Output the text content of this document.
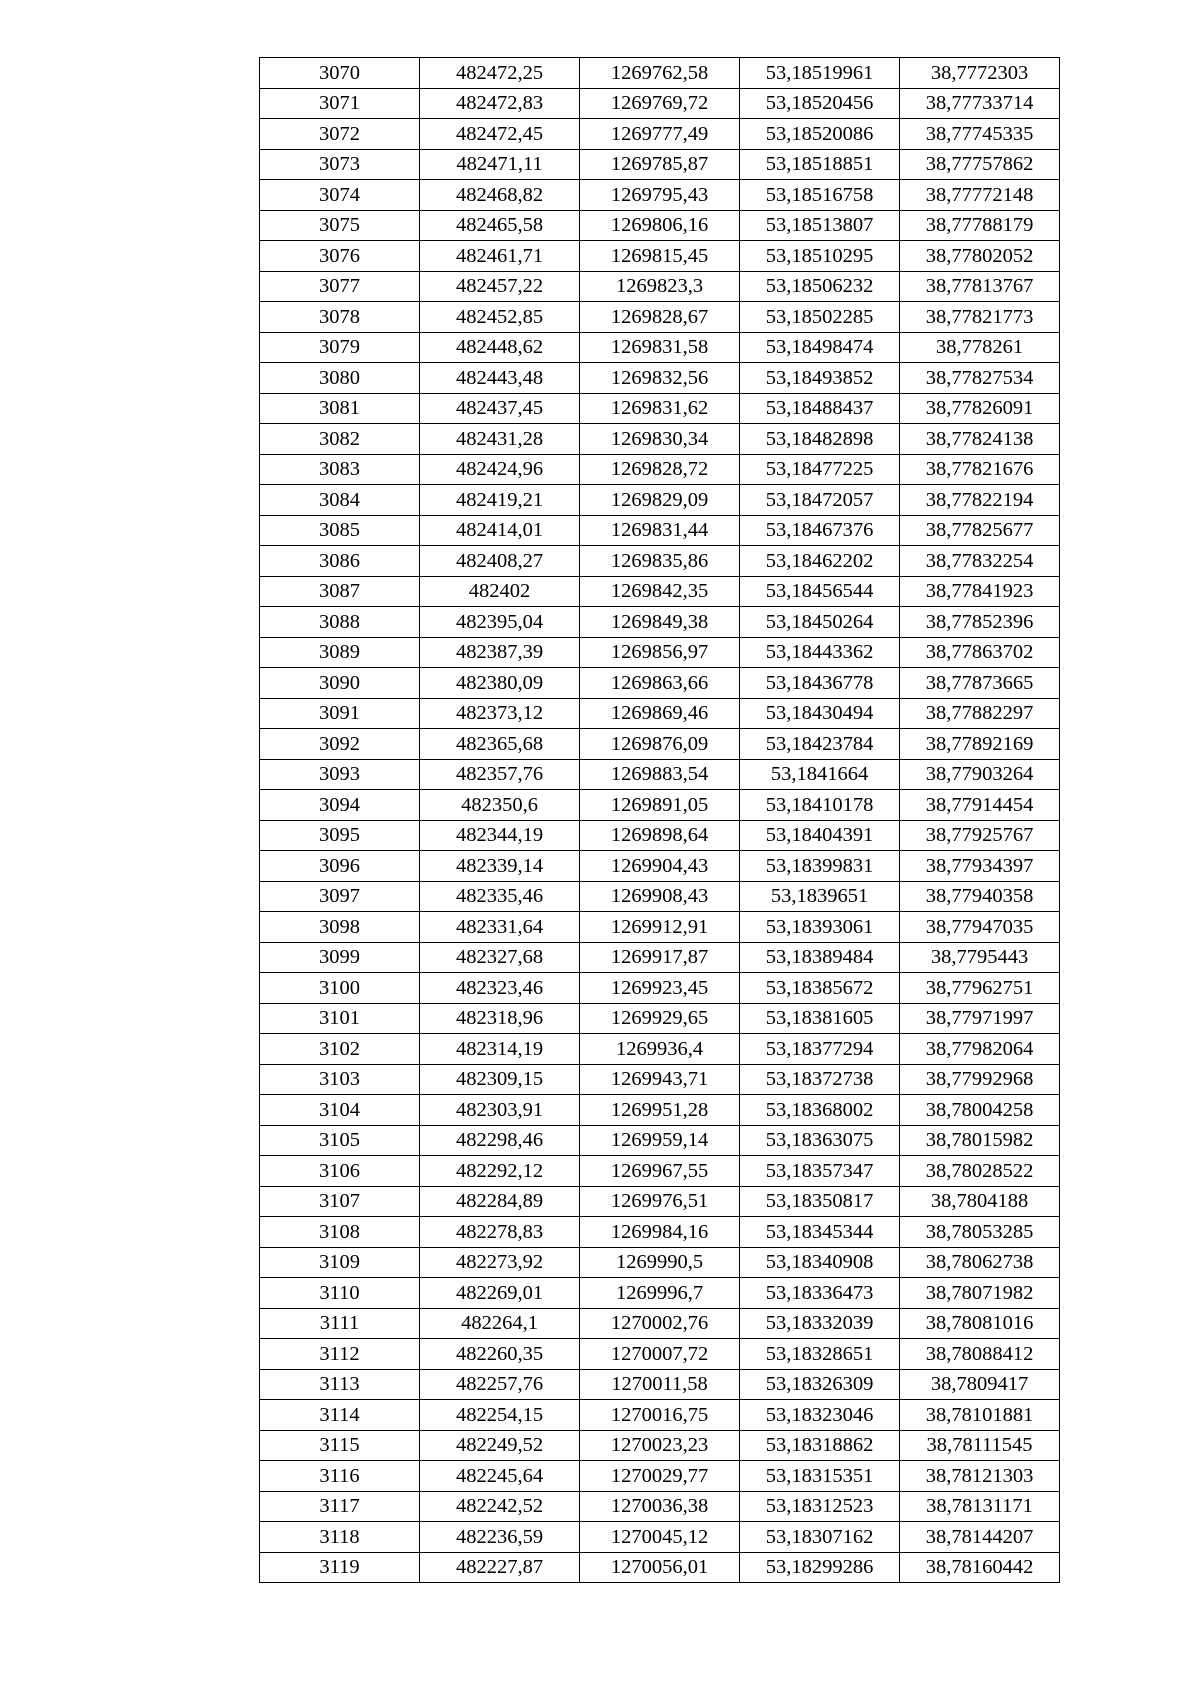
3070	482472,25	1269762,58	53,18519961	38,7772303
3071	482472,83	1269769,72	53,18520456	38,77733714
3072	482472,45	1269777,49	53,18520086	38,77745335
3073	482471,11	1269785,87	53,18518851	38,77757862
3074	482468,82	1269795,43	53,18516758	38,77772148
3075	482465,58	1269806,16	53,18513807	38,77788179
3076	482461,71	1269815,45	53,18510295	38,77802052
3077	482457,22	1269823,3	53,18506232	38,77813767
3078	482452,85	1269828,67	53,18502285	38,77821773
3079	482448,62	1269831,58	53,18498474	38,778261
3080	482443,48	1269832,56	53,18493852	38,77827534
3081	482437,45	1269831,62	53,18488437	38,77826091
3082	482431,28	1269830,34	53,18482898	38,77824138
3083	482424,96	1269828,72	53,18477225	38,77821676
3084	482419,21	1269829,09	53,18472057	38,77822194
3085	482414,01	1269831,44	53,18467376	38,77825677
3086	482408,27	1269835,86	53,18462202	38,77832254
3087	482402	1269842,35	53,18456544	38,77841923
3088	482395,04	1269849,38	53,18450264	38,77852396
3089	482387,39	1269856,97	53,18443362	38,77863702
3090	482380,09	1269863,66	53,18436778	38,77873665
3091	482373,12	1269869,46	53,18430494	38,77882297
3092	482365,68	1269876,09	53,18423784	38,77892169
3093	482357,76	1269883,54	53,1841664	38,77903264
3094	482350,6	1269891,05	53,18410178	38,77914454
3095	482344,19	1269898,64	53,18404391	38,77925767
3096	482339,14	1269904,43	53,18399831	38,77934397
3097	482335,46	1269908,43	53,1839651	38,77940358
3098	482331,64	1269912,91	53,18393061	38,77947035
3099	482327,68	1269917,87	53,18389484	38,7795443
3100	482323,46	1269923,45	53,18385672	38,77962751
3101	482318,96	1269929,65	53,18381605	38,77971997
3102	482314,19	1269936,4	53,18377294	38,77982064
3103	482309,15	1269943,71	53,18372738	38,77992968
3104	482303,91	1269951,28	53,18368002	38,78004258
3105	482298,46	1269959,14	53,18363075	38,78015982
3106	482292,12	1269967,55	53,18357347	38,78028522
3107	482284,89	1269976,51	53,18350817	38,7804188
3108	482278,83	1269984,16	53,18345344	38,78053285
3109	482273,92	1269990,5	53,18340908	38,78062738
3110	482269,01	1269996,7	53,18336473	38,78071982
3111	482264,1	1270002,76	53,18332039	38,78081016
3112	482260,35	1270007,72	53,18328651	38,78088412
3113	482257,76	1270011,58	53,18326309	38,7809417
3114	482254,15	1270016,75	53,18323046	38,78101881
3115	482249,52	1270023,23	53,18318862	38,78111545
3116	482245,64	1270029,77	53,18315351	38,78121303
3117	482242,52	1270036,38	53,18312523	38,78131171
3118	482236,59	1270045,12	53,18307162	38,78144207
3119	482227,87	1270056,01	53,18299286	38,78160442
